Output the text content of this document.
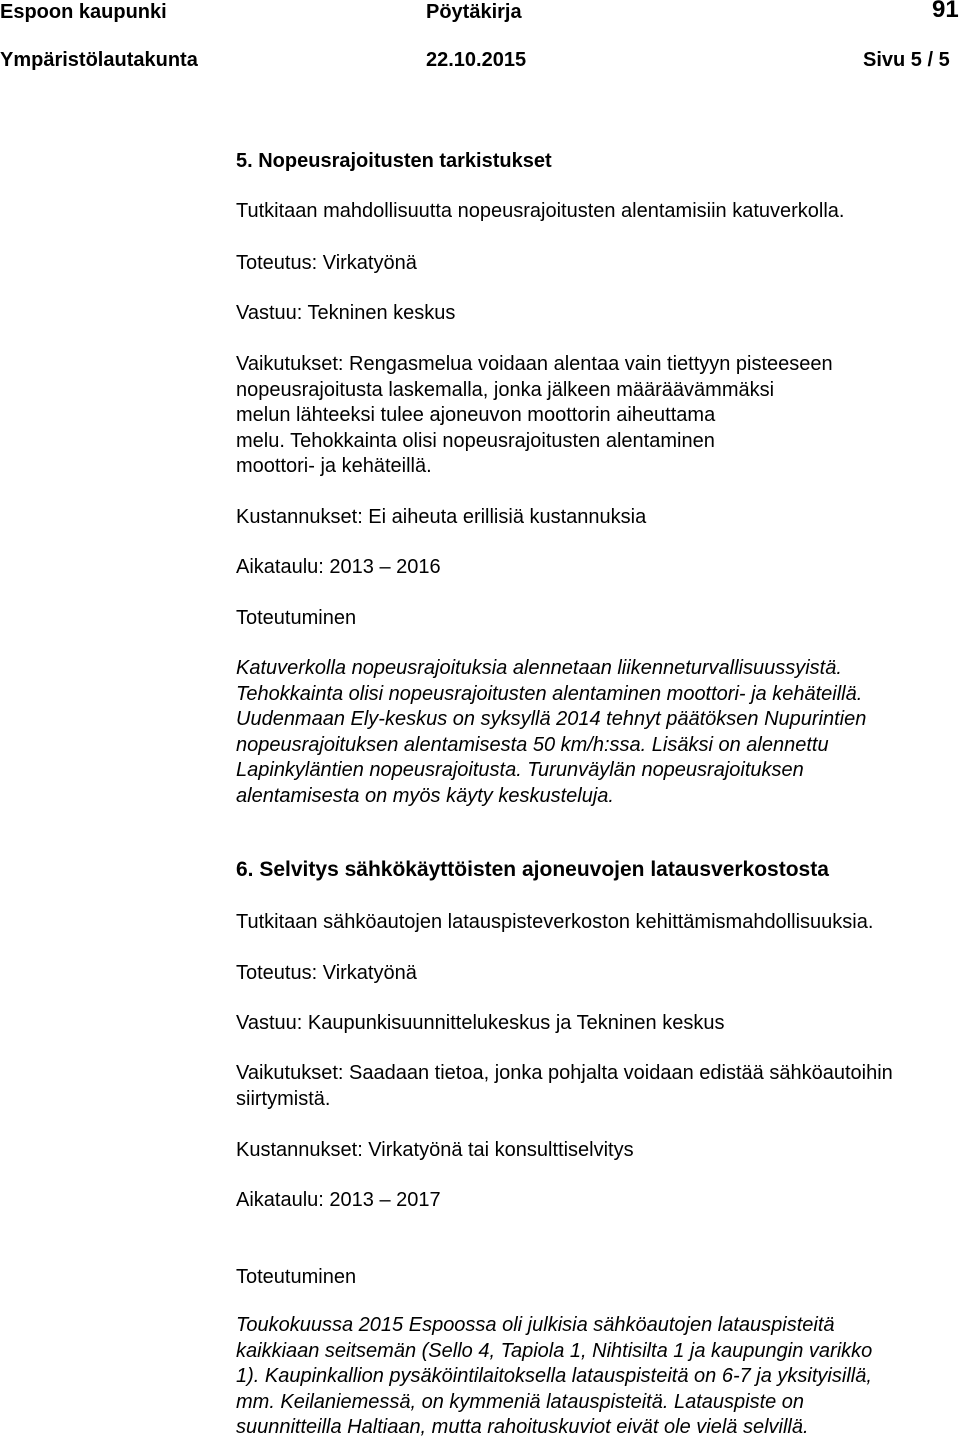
Espoon kaupunki	Pöytäkirja	91
Ympäristölautakunta	22.10.2015	Sivu 5 / 5
5. Nopeusrajoitusten tarkistukset
Tutkitaan mahdollisuutta nopeusrajoitusten alentamisiin katuverkolla.
Toteutus: Virkatyönä
Vastuu: Tekninen keskus
Vaikutukset: Rengasmelua voidaan alentaa vain tiettyyn pisteeseen
nopeusrajoitusta laskemalla, jonka jälkeen määräävämmäksi
melun lähteeksi tulee ajoneuvon moottorin aiheuttama
melu. Tehokkainta olisi nopeusrajoitusten alentaminen
moottori- ja kehäteillä.
Kustannukset: Ei aiheuta erillisiä kustannuksia
Aikataulu: 2013 – 2016
Toteutuminen
Katuverkolla nopeusrajoituksia alennetaan liikenneturvallisuussyistä.
Tehokkainta olisi nopeusrajoitusten alentaminen moottori- ja kehäteillä.
Uudenmaan Ely-keskus on syksyllä 2014 tehnyt päätöksen Nupurintien
nopeusrajoituksen alentamisesta 50 km/h:ssa. Lisäksi on alennettu
Lapinkyläntien nopeusrajoitusta. Turunväylän nopeusrajoituksen
alentamisesta on myös käyty keskusteluja.
6. Selvitys sähkökäyttöisten ajoneuvojen latausverkostosta
Tutkitaan sähköautojen latauspisteverkoston kehittämismahdollisuuksia.
Toteutus: Virkatyönä
Vastuu: Kaupunkisuunnittelukeskus ja Tekninen keskus
Vaikutukset: Saadaan tietoa, jonka pohjalta voidaan edistää sähköautoihin
siirtymistä.
Kustannukset: Virkatyönä tai konsulttiselvitys
Aikataulu: 2013 – 2017
Toteutuminen
Toukokuussa 2015 Espoossa oli julkisia sähköautojen latauspisteitä
kaikkiaan seitsemän (Sello 4, Tapiola 1, Nihtisilta 1 ja kaupungin varikko
1). Kaupinkallion pysäköintilaitoksella latauspisteitä on 6-7 ja yksityisillä,
mm. Keilaniemessä, on kymmeniä latauspisteitä. Latauspiste on
suunnitteilla Haltiaan, mutta rahoituskuviot eivät ole vielä selvillä.
